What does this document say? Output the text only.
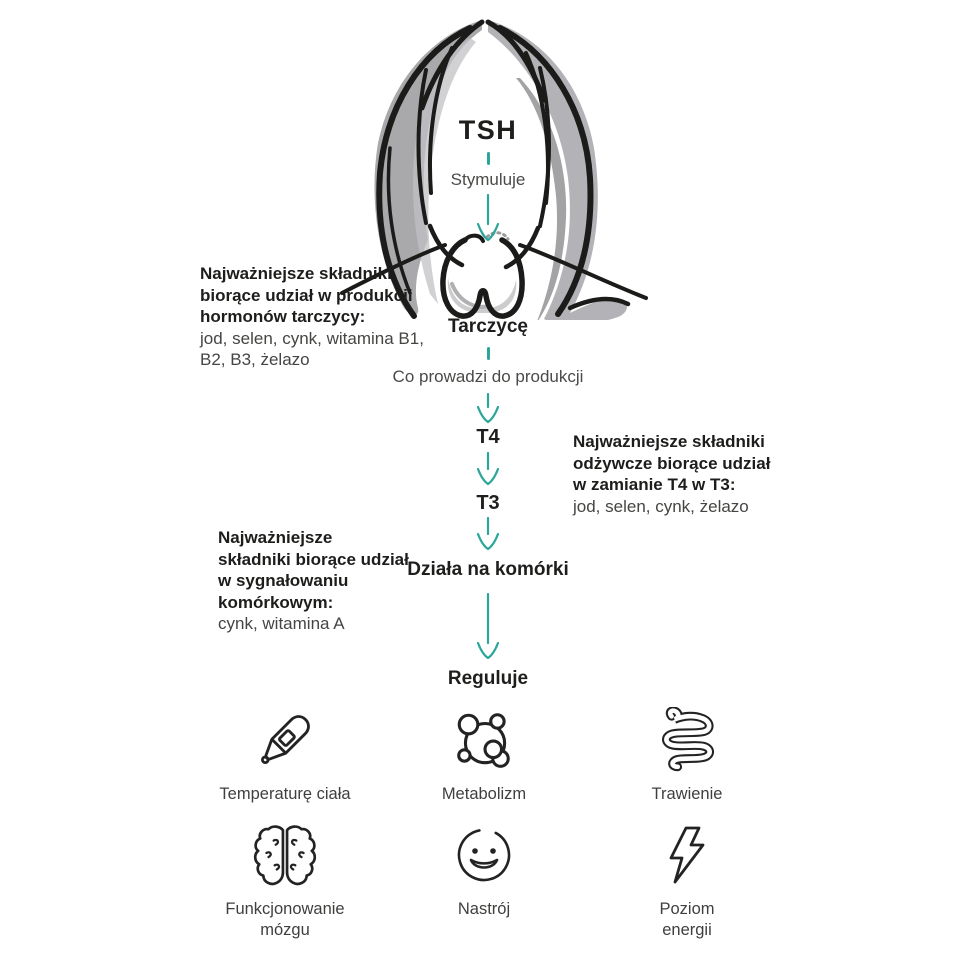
TSH
Stymuluje
Tarczycę
Co prowadzi do produkcji
T4
T3
Działa na komórki
Reguluje
Najważniejsze składniki
biorące udział w produkcji
hormonów tarczycy:
jod, selen, cynk, witamina B1,
B2, B3, żelazo
Najważniejsze składniki
odżywcze biorące udział
w zamianie T4 w T3:
jod, selen, cynk, żelazo
Najważniejsze
składniki biorące udział
w sygnałowaniu
komórkowym:
cynk, witamina A
Temperaturę ciała	Metabolizm	Trawienie
Funkcjonowanie
mózgu
Nastrój	Poziom
energii
